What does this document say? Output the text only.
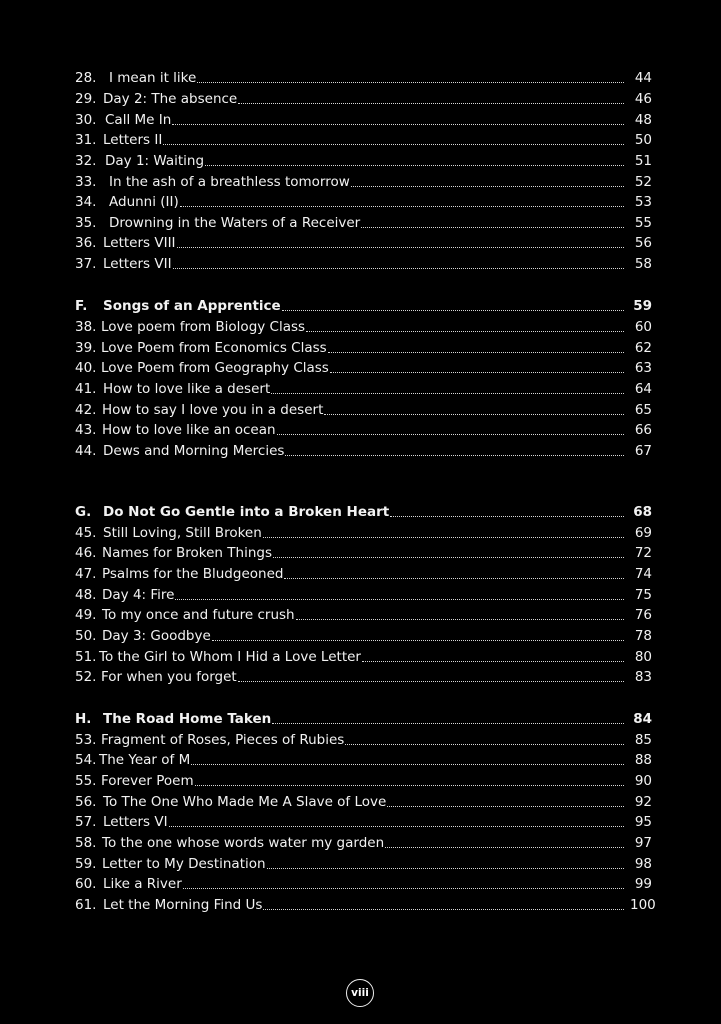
28. I mean it like	44
29. Day 2: The absence	46
30. Call Me In	48
31. Letters II	50
32. Day 1: Waiting	51
33. In the ash of a breathless tomorrow	52
34. Adunni (II)	53
35. Drowning in the Waters of a Receiver	55
36. Letters VIII	56
37. Letters VII	58
F.	Songs of an Apprentice	59
38. Love poem from Biology Class	60
39. Love Poem from Economics Class	62
40. Love Poem from Geography Class	63
41. How to love like a desert	64
42. How to say I love you in a desert	65
43. How to love like an ocean	66
44. Dews and Morning Mercies	67
G. Do Not Go Gentle into a Broken Heart	68
45. Still Loving, Still Broken	69
46. Names for Broken Things	72
47. Psalms for the Bludgeoned	74
48. Day 4: Fire	75
49. To my once and future crush	76
50. Day 3: Goodbye	78
51. To the Girl to Whom I Hid a Love Letter	80
52. For when you forget	83
H. The Road Home Taken	84
53. Fragment of Roses, Pieces of Rubies	85
54. The Year of M	88
55. Forever Poem	90
56. To The One Who Made Me A Slave of Love	92
57. Letters VI	95
58. To the one whose words water my garden	97
59. Letter to My Destination	98
60. Like a River	99
61. Let the Morning Find Us	100
viii
